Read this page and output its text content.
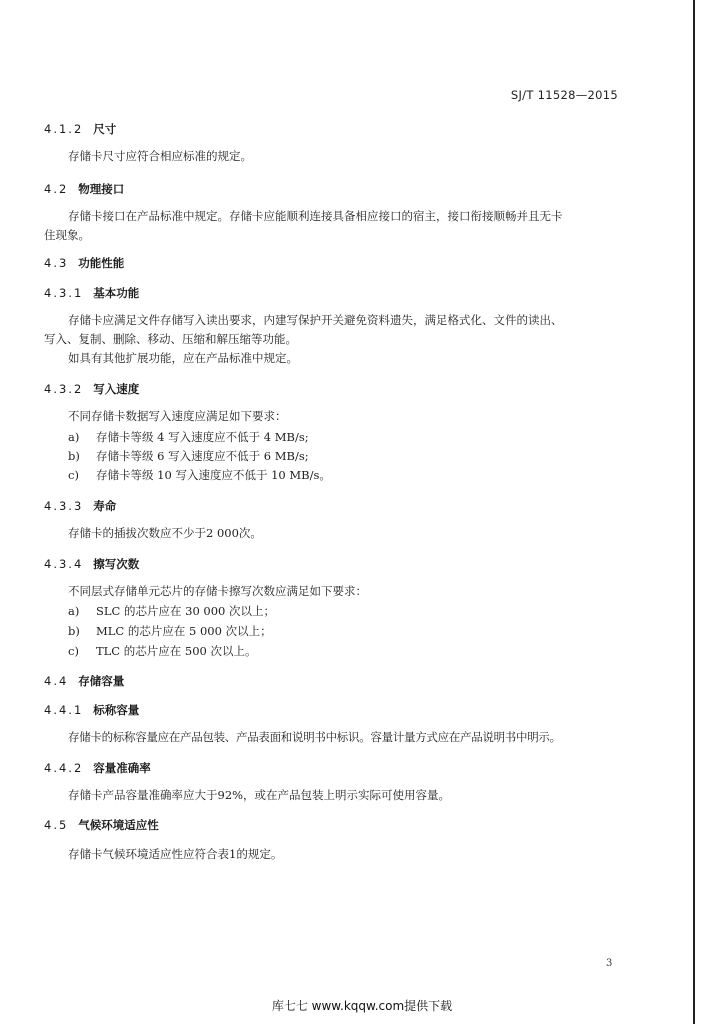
SJ/T 11528—2015
4.1.2 尺寸
存储卡尺寸应符合相应标准的规定。
4.2 物理接口
存储卡接口在产品标准中规定。存储卡应能顺利连接具备相应接口的宿主，接口衔接顺畅并且无卡
住现象。
4.3 功能性能
4.3.1 基本功能
存储卡应满足文件存储写入读出要求，内建写保护开关避免资料遗失，满足格式化、文件的读出、
写入、复制、删除、移动、压缩和解压缩等功能。
如具有其他扩展功能，应在产品标准中规定。
4.3.2 写入速度
不同存储卡数据写入速度应满足如下要求：
a) 存储卡等级 4 写入速度应不低于 4 MB/s;
b) 存储卡等级 6 写入速度应不低于 6 MB/s;
c) 存储卡等级 10 写入速度应不低于 10 MB/s。
4.3.3 寿命
存储卡的插拔次数应不少于2 000次。
4.3.4 擦写次数
不同层式存储单元芯片的存储卡擦写次数应满足如下要求：
a) SLC 的芯片应在 30 000 次以上；
b) MLC 的芯片应在 5 000 次以上；
c) TLC 的芯片应在 500 次以上。
4.4 存储容量
4.4.1 标称容量
存储卡的标称容量应在产品包装、产品表面和说明书中标识。容量计量方式应在产品说明书中明示。
4.4.2 容量准确率
存储卡产品容量准确率应大于92%，或在产品包装上明示实际可使用容量。
4.5 气候环境适应性
存储卡气候环境适应性应符合表1的规定。
3
库七七 www.kqqw.com提供下载
